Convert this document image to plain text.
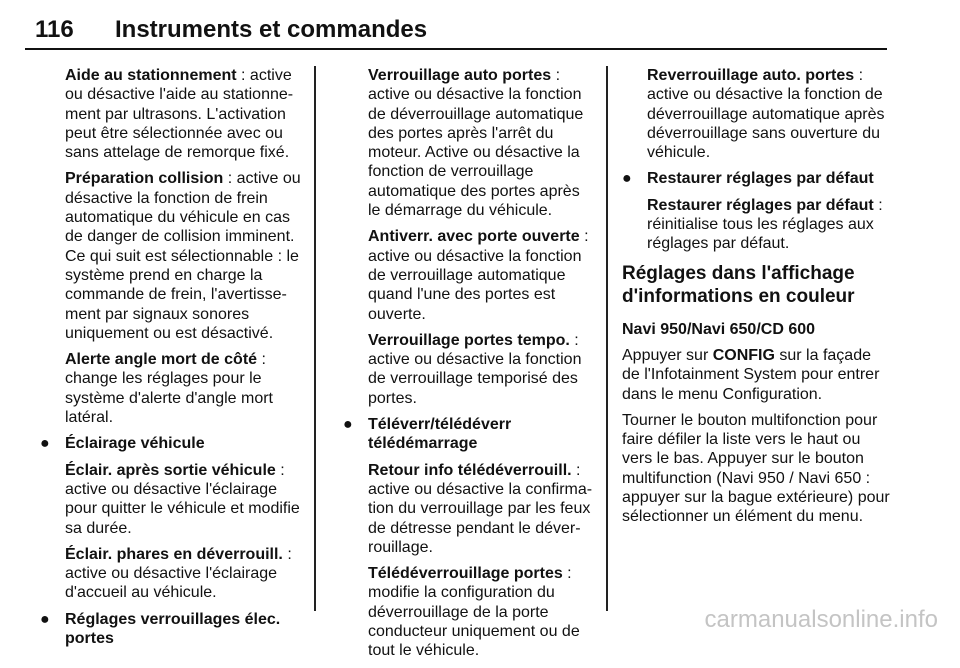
116 Instruments et commandes

Aide au stationnement : active ou désactive l'aide au stationnement par ultrasons. L'activation peut être sélectionnée avec ou sans attelage de remorque fixé.

Préparation collision : active ou désactive la fonction de frein automatique du véhicule en cas de danger de collision imminent. Ce qui suit est sélectionnable : le système prend en charge la commande de frein, l'avertissement par signaux sonores uniquement ou est désactivé.

Alerte angle mort de côté : change les réglages pour le système d'alerte d'angle mort latéral.

● Éclairage véhicule

Éclair. après sortie véhicule : active ou désactive l'éclairage pour quitter le véhicule et modifie sa durée.

Éclair. phares en déverrouill. : active ou désactive l'éclairage d'accueil au véhicule.

● Réglages verrouillages élec. portes

Verrouillage auto portes : active ou désactive la fonction de déverrouillage automatique des portes après l'arrêt du moteur. Active ou désactive la fonction de verrouillage automatique des portes après le démarrage du véhicule.

Antiverr. avec porte ouverte : active ou désactive la fonction de verrouillage automatique quand l'une des portes est ouverte.

Verrouillage portes tempo. : active ou désactive la fonction de verrouillage temporisé des portes.

● Téléverr/télédéverr télédémarrage

Retour info télédéverrouill. : active ou désactive la confirmation du verrouillage par les feux de détresse pendant le déverrouillage.

Télédéverrouillage portes : modifie la configuration du déverrouillage de la porte conducteur uniquement ou de tout le véhicule.

Reverrouillage auto. portes : active ou désactive la fonction de déverrouillage automatique après déverrouillage sans ouverture du véhicule.

● Restaurer réglages par défaut

Restaurer réglages par défaut : réinitialise tous les réglages aux réglages par défaut.

Réglages dans l'affichage d'informations en couleur

Navi 950/Navi 650/CD 600

Appuyer sur CONFIG sur la façade de l'Infotainment System pour entrer dans le menu Configuration.

Tourner le bouton multifonction pour faire défiler la liste vers le haut ou vers le bas. Appuyer sur le bouton multifunction (Navi 950 / Navi 650 : appuyer sur la bague extérieure) pour sélectionner un élément du menu.

carmanualsonline.info
